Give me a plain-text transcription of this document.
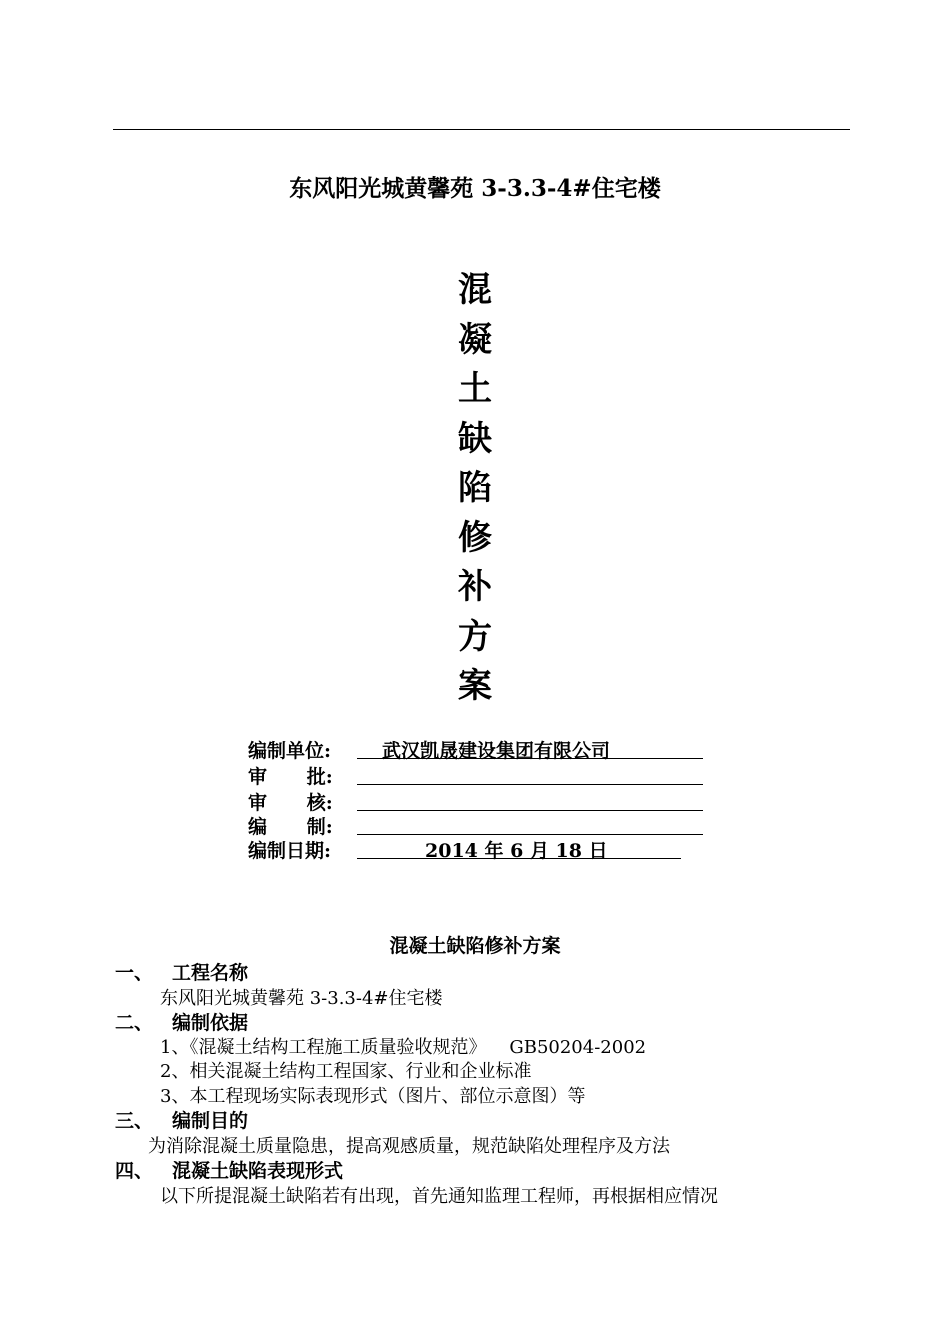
东风阳光城黄馨苑 3-3.3-4#住宅楼
混
凝
土
缺
陷
修
补
方
案
编制单位:	武汉凯晟建设集团有限公司
审      批:
审      核:
编      制:
编制日期:	2014 年 6 月 18 日
混凝土缺陷修补方案

一、

工程名称

东风阳光城黄馨苑 3-3.3-4#住宅楼

二、

编制依据

1、《混凝土结构工程施工质量验收规范》    GB50204-2002
2、相关混凝土结构工程国家、行业和企业标准
3、本工程现场实际表现形式（图片、部位示意图）等

三、

编制目的

为消除混凝土质量隐患，提高观感质量，规范缺陷处理程序及方法

四、

混凝土缺陷表现形式

以下所提混凝土缺陷若有出现，首先通知监理工程师，再根据相应情况
